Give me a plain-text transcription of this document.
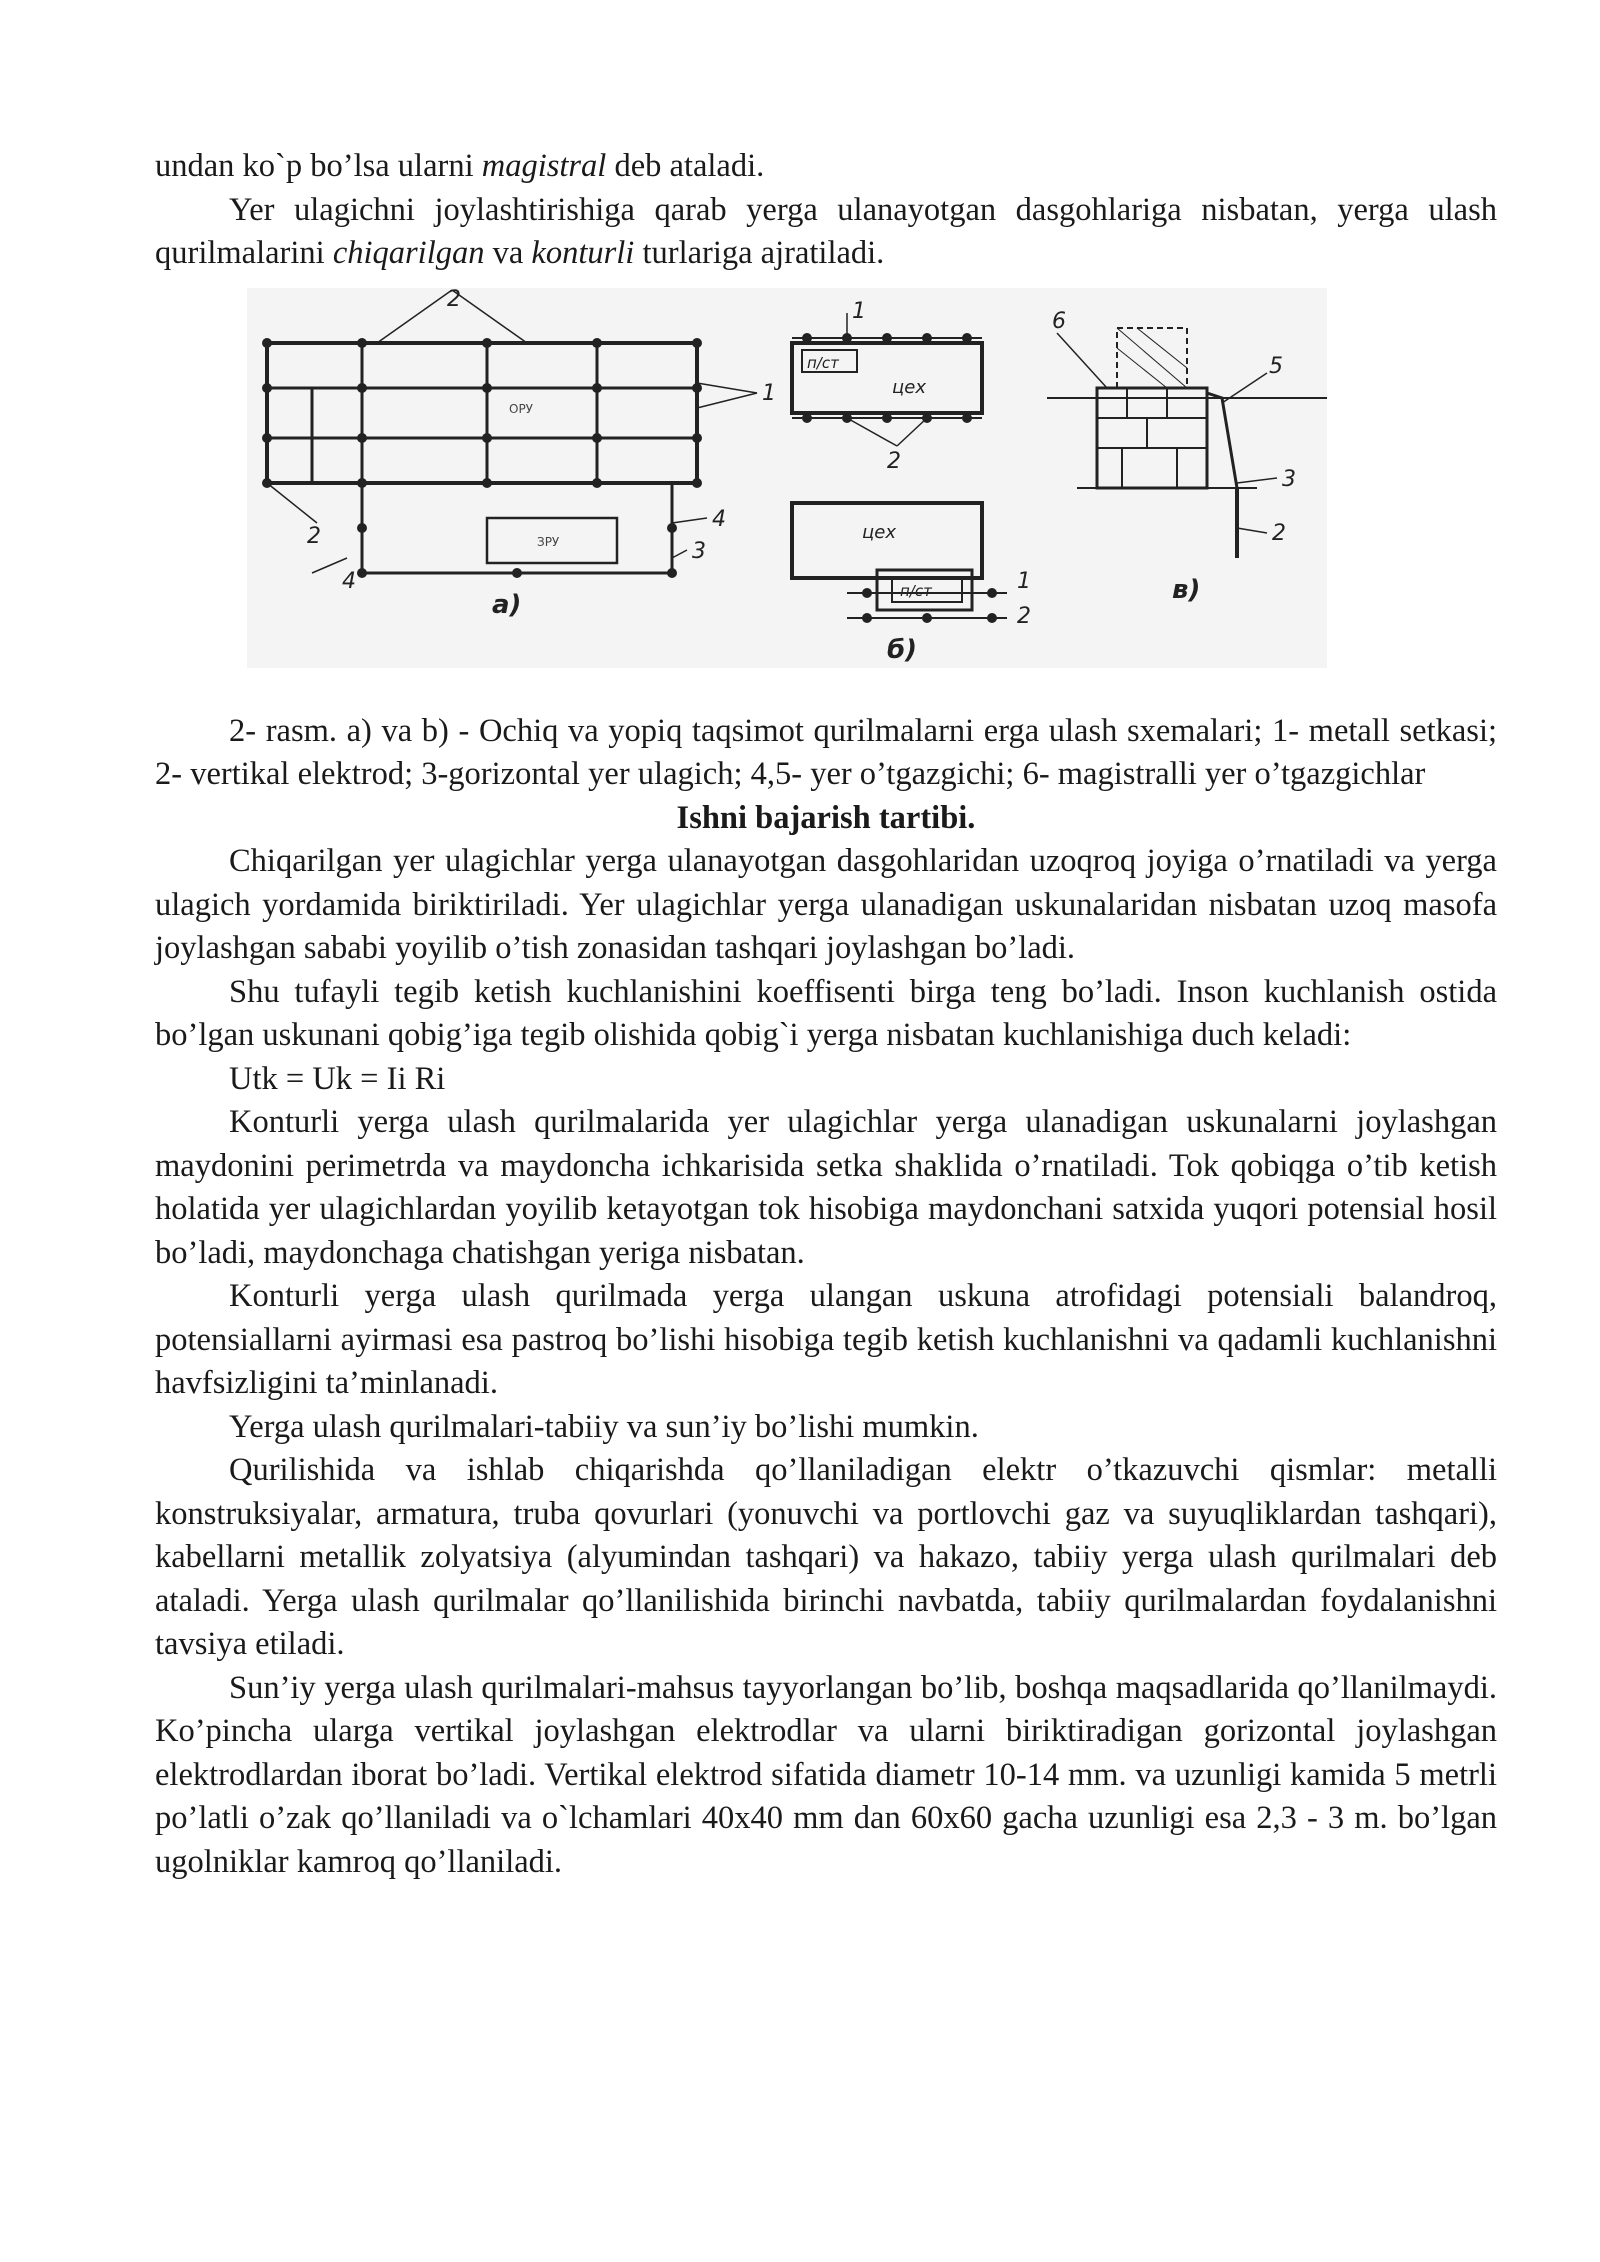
undan ko`p bo’lsa ularni magistral deb ataladi.

Yer ulagichni joylashtirishiga qarab yerga ulanayotgan dasgohlariga nisbatan, yerga ulash qurilmalarini chiqarilgan va konturli turlariga ajratiladi.

2
1
ОРУ
ЗРУ
4
3
2
4
а)
п/ст
цех
1
2
цех
п/ст	1
2
б)
6
5
3
2
в)

2- rasm. a) va b) - Ochiq va yopiq taqsimot qurilmalarni erga ulash sxemalari; 1- metall setkasi; 2- vertikal elektrod; 3-gorizontal yer ulagich; 4,5- yer o’tgazgichi; 6- magistralli yer o’tgazgichlar

Ishni bajarish tartibi.

Chiqarilgan yer ulagichlar yerga ulanayotgan dasgohlaridan uzoqroq joyiga o’rnatiladi va yerga ulagich yordamida biriktiriladi. Yer ulagichlar yerga ulanadigan uskunalaridan nisbatan uzoq masofa joylashgan sababi yoyilib o’tish zonasidan tashqari joylashgan bo’ladi.

Shu tufayli tegib ketish kuchlanishini koeffisenti birga teng bo’ladi. Inson kuchlanish ostida bo’lgan uskunani qobig’iga tegib olishida qobig`i yerga nisbatan kuchlanishiga duch keladi:

Utk = Uk = Ii Ri

Konturli yerga ulash qurilmalarida yer ulagichlar yerga ulanadigan uskunalarni joylashgan maydonini perimetrda va maydoncha ichkarisida setka shaklida o’rnatiladi. Tok qobiqga o’tib ketish holatida yer ulagichlardan yoyilib ketayotgan tok hisobiga maydonchani satxida yuqori potensial hosil bo’ladi, maydonchaga chatishgan yeriga nisbatan.

Konturli yerga ulash qurilmada yerga ulangan uskuna atrofidagi potensiali balandroq, potensiallarni ayirmasi esa pastroq bo’lishi hisobiga tegib ketish kuchlanishni va qadamli kuchlanishni havfsizligini ta’minlanadi.

Yerga ulash qurilmalari-tabiiy va sun’iy bo’lishi mumkin.

Qurilishida va ishlab chiqarishda qo’llaniladigan elektr o’tkazuvchi qismlar: metalli konstruksiyalar, armatura, truba qovurlari (yonuvchi va portlovchi gaz va suyuqliklardan tashqari), kabellarni metallik zolyatsiya (alyumindan tashqari) va hakazo, tabiiy yerga ulash qurilmalari deb ataladi. Yerga ulash qurilmalar qo’llanilishida birinchi navbatda, tabiiy qurilmalardan foydalanishni tavsiya etiladi.

Sun’iy yerga ulash qurilmalari-mahsus tayyorlangan bo’lib, boshqa maqsadlarida qo’llanilmaydi. Ko’pincha ularga vertikal joylashgan elektrodlar va ularni biriktiradigan gorizontal joylashgan elektrodlardan iborat bo’ladi. Vertikal elektrod sifatida diametr 10-14 mm. va uzunligi kamida 5 metrli po’latli o’zak qo’llaniladi va o`lchamlari 40x40 mm dan 60x60 gacha uzunligi esa 2,3 - 3 m. bo’lgan ugolniklar kamroq qo’llaniladi.
